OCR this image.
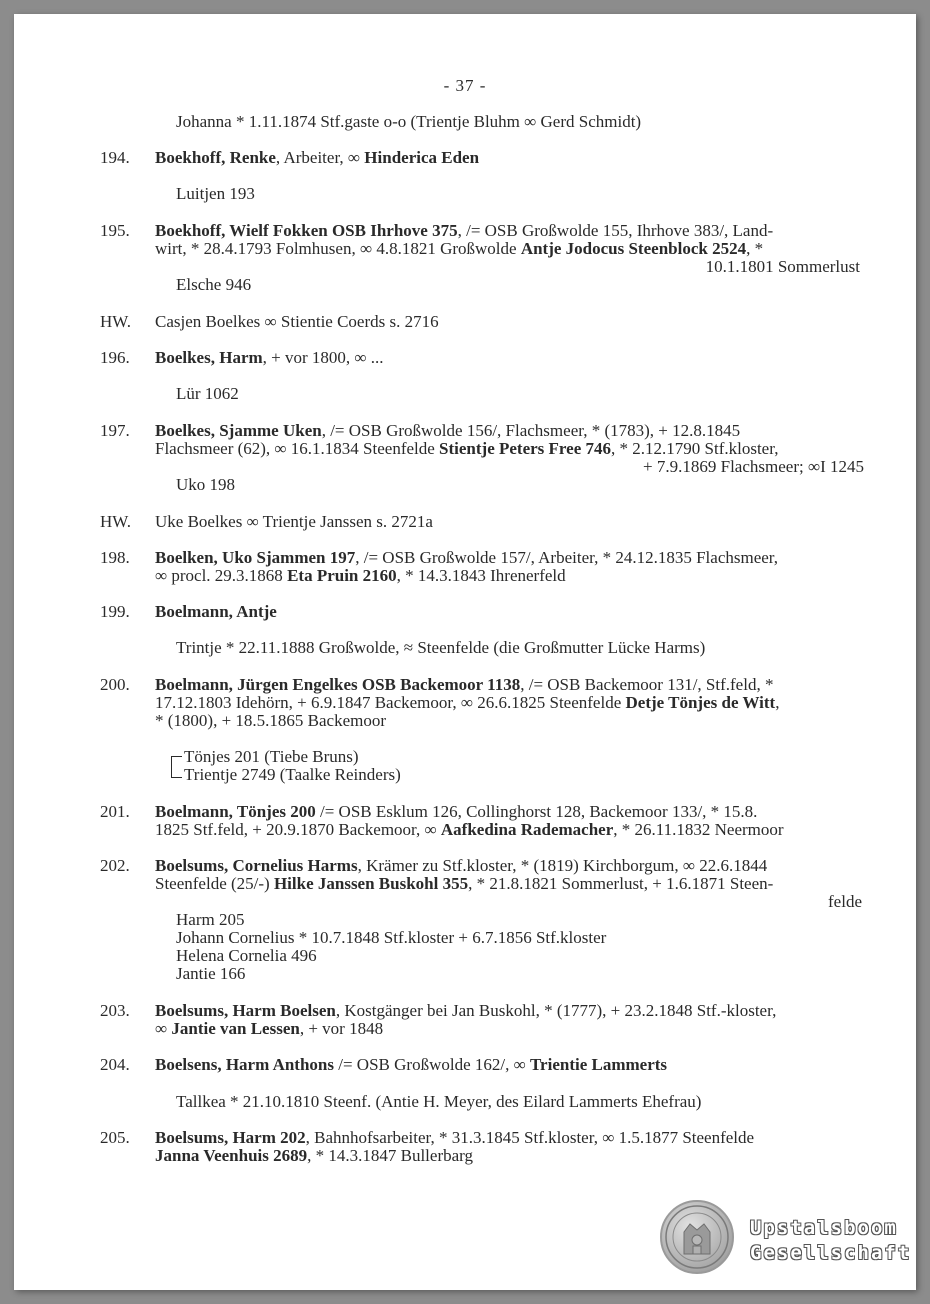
- 37 -
Johanna * 1.11.1874 Stf.gaste o-o (Trientje Bluhm ∞ Gerd Schmidt)
194. Boekhoff, Renke, Arbeiter, ∞ Hinderica Eden
Luitjen 193
195. Boekhoff, Wielf Fokken OSB Ihrhove 375, /= OSB Großwolde 155, Ihrhove 383/, Land-
wirt, * 28.4.1793 Folmhusen, ∞ 4.8.1821 Großwolde Antje Jodocus Steenblock 2524, *
10.1.1801 Sommerlust
Elsche 946
HW. Casjen Boelkes ∞ Stientie Coerds s. 2716
196. Boelkes, Harm, + vor 1800, ∞ ...
Lür 1062
197. Boelkes, Sjamme Uken, /= OSB Großwolde 156/, Flachsmeer, * (1783), + 12.8.1845
Flachsmeer (62), ∞ 16.1.1834 Steenfelde Stientje Peters Free 746, * 2.12.1790 Stf.kloster,
+ 7.9.1869 Flachsmeer; ∞I 1245
Uko 198
HW. Uke Boelkes ∞ Trientje Janssen s. 2721a
198. Boelken, Uko Sjammen 197, /= OSB Großwolde 157/, Arbeiter, * 24.12.1835 Flachsmeer,
∞ procl. 29.3.1868 Eta Pruin 2160, * 14.3.1843 Ihrenerfeld
199. Boelmann, Antje
Trintje * 22.11.1888 Großwolde, ≈ Steenfelde (die Großmutter Lücke Harms)
200. Boelmann, Jürgen Engelkes OSB Backemoor 1138, /= OSB Backemoor 131/, Stf.feld, *
17.12.1803 Idehörn, + 6.9.1847 Backemoor, ∞ 26.6.1825 Steenfelde Detje Tönjes de Witt,
* (1800), + 18.5.1865 Backemoor
Tönjes 201 (Tiebe Bruns)
Trientje 2749 (Taalke Reinders)
201. Boelmann, Tönjes 200 /= OSB Esklum 126, Collinghorst 128, Backemoor 133/, * 15.8.
1825 Stf.feld, + 20.9.1870 Backemoor, ∞ Aafkedina Rademacher, * 26.11.1832 Neermoor
202. Boelsums, Cornelius Harms, Krämer zu Stf.kloster, * (1819) Kirchborgum, ∞ 22.6.1844
Steenfelde (25/-) Hilke Janssen Buskohl 355, * 21.8.1821 Sommerlust, + 1.6.1871 Steen-
felde
Harm 205
Johann Cornelius * 10.7.1848 Stf.kloster + 6.7.1856 Stf.kloster
Helena Cornelia 496
Jantie 166
203. Boelsums, Harm Boelsen, Kostgänger bei Jan Buskohl, * (1777), + 23.2.1848 Stf.-kloster,
∞ Jantie van Lessen, + vor 1848
204. Boelsens, Harm Anthons /= OSB Großwolde 162/, ∞ Trientie Lammerts
Tallkea * 21.10.1810 Steenf. (Antie H. Meyer, des Eilard Lammerts Ehefrau)
205. Boelsums, Harm 202, Bahnhofsarbeiter, * 31.3.1845 Stf.kloster, ∞ 1.5.1877 Steenfelde
Janna Veenhuis 2689, * 14.3.1847 Bullerbarg
Upstalsboom
Gesellschaft
